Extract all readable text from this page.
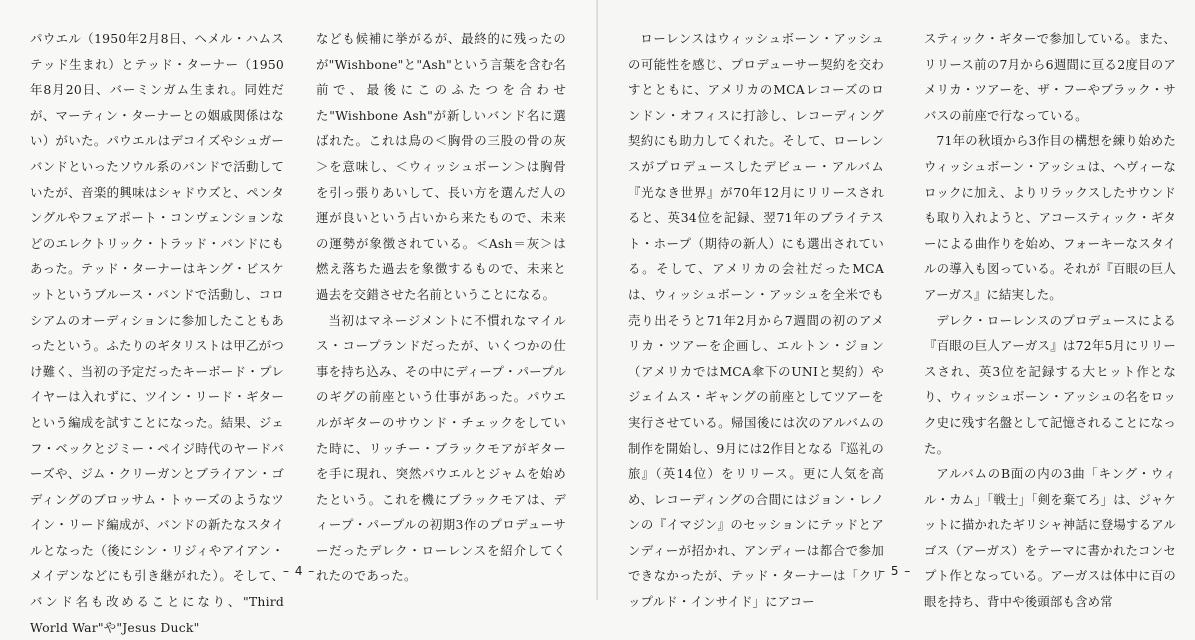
パウエル（1950年2月8日、ヘメル・ハムステッド生まれ）とテッド・ターナー（1950年8月20日、バーミンガム生まれ。同姓だが、マーティン・ターナーとの姻戚関係はない）がいた。パウエルはデコイズやシュガーバンドといったソウル系のバンドで活動していたが、音楽的興味はシャドウズと、ペンタングルやフェアポート・コンヴェンションなどのエレクトリック・トラッド・バンドにもあった。テッド・ターナーはキング・ビスケットというブルース・バンドで活動し、コロシアムのオーディションに参加したこともあったという。ふたりのギタリストは甲乙がつけ難く、当初の予定だったキーボード・プレイヤーは入れずに、ツイン・リード・ギターという編成を試すことになった。結果、ジェフ・ベックとジミー・ペイジ時代のヤードバーズや、ジム・クリーガンとブライアン・ゴディングのブロッサム・トゥーズのようなツイン・リード編成が、バンドの新たなスタイルとなった（後にシン・リジィやアイアン・メイデンなどにも引き継がれた）。そして、バンド名も改めることになり、"Third World War"や"Jesus Duck"

なども候補に挙がるが、最終的に残ったのが"Wishbone"と"Ash"という言葉を含む名前で、最後にこのふたつを合わせた"Wishbone Ash"が新しいバンド名に選ばれた。これは鳥の＜胸骨の三股の骨の灰＞を意味し、＜ウィッシュボーン＞は胸骨を引っ張りあいして、長い方を選んだ人の運が良いという占いから来たもので、未来の運勢が象徴されている。＜Ash＝灰＞は燃え落ちた過去を象徴するもので、未来と過去を交錯させた名前ということになる。

当初はマネージメントに不慣れなマイルス・コープランドだったが、いくつかの仕事を持ち込み、その中にディープ・パープルのギグの前座という仕事があった。パウエルがギターのサウンド・チェックをしていた時に、リッチー・ブラックモアがギターを手に現れ、突然パウエルとジャムを始めたという。これを機にブラックモアは、ディープ・パープルの初期3作のプロデューサーだったデレク・ローレンスを紹介してくれたのであった。

– 4 –

ローレンスはウィッシュボーン・アッシュの可能性を感じ、プロデューサー契約を交わすとともに、アメリカのMCAレコーズのロンドン・オフィスに打診し、レコーディング契約にも助力してくれた。そして、ローレンスがプロデュースしたデビュー・アルバム『光なき世界』が70年12月にリリースされると、英34位を記録、翌71年のブライテスト・ホープ（期待の新人）にも選出されている。そして、アメリカの会社だったMCAは、ウィッシュボーン・アッシュを全米でも売り出そうと71年2月から7週間の初のアメリカ・ツアーを企画し、エルトン・ジョン（アメリカではMCA傘下のUNIと契約）やジェイムス・ギャングの前座としてツアーを実行させている。帰国後には次のアルバムの制作を開始し、9月には2作目となる『巡礼の旅』（英14位）をリリース。更に人気を高め、レコーディングの合間にはジョン・レノンの『イマジン』のセッションにテッドとアンディーが招かれ、アンディーは都合で参加できなかったが、テッド・ターナーは「クリップルド・インサイド」にアコー

スティック・ギターで参加している。また、リリース前の7月から6週間に亘る2度目のアメリカ・ツアーを、ザ・フーやブラック・サバスの前座で行なっている。

71年の秋頃から3作目の構想を練り始めたウィッシュボーン・アッシュは、ヘヴィーなロックに加え、よりリラックスしたサウンドも取り入れようと、アコースティック・ギターによる曲作りを始め、フォーキーなスタイルの導入も図っている。それが『百眼の巨人アーガス』に結実した。

デレク・ローレンスのプロデュースによる『百眼の巨人アーガス』は72年5月にリリースされ、英3位を記録する大ヒット作となり、ウィッシュボーン・アッシュの名をロック史に残す名盤として記憶されることになった。

アルバムのB面の内の3曲「キング・ウィル・カム」「戦士」「剣を棄てろ」は、ジャケットに描かれたギリシャ神話に登場するアルゴス（アーガス）をテーマに書かれたコンセプト作となっている。アーガスは体中に百の眼を持ち、背中や後頭部も含め常

– 5 –
